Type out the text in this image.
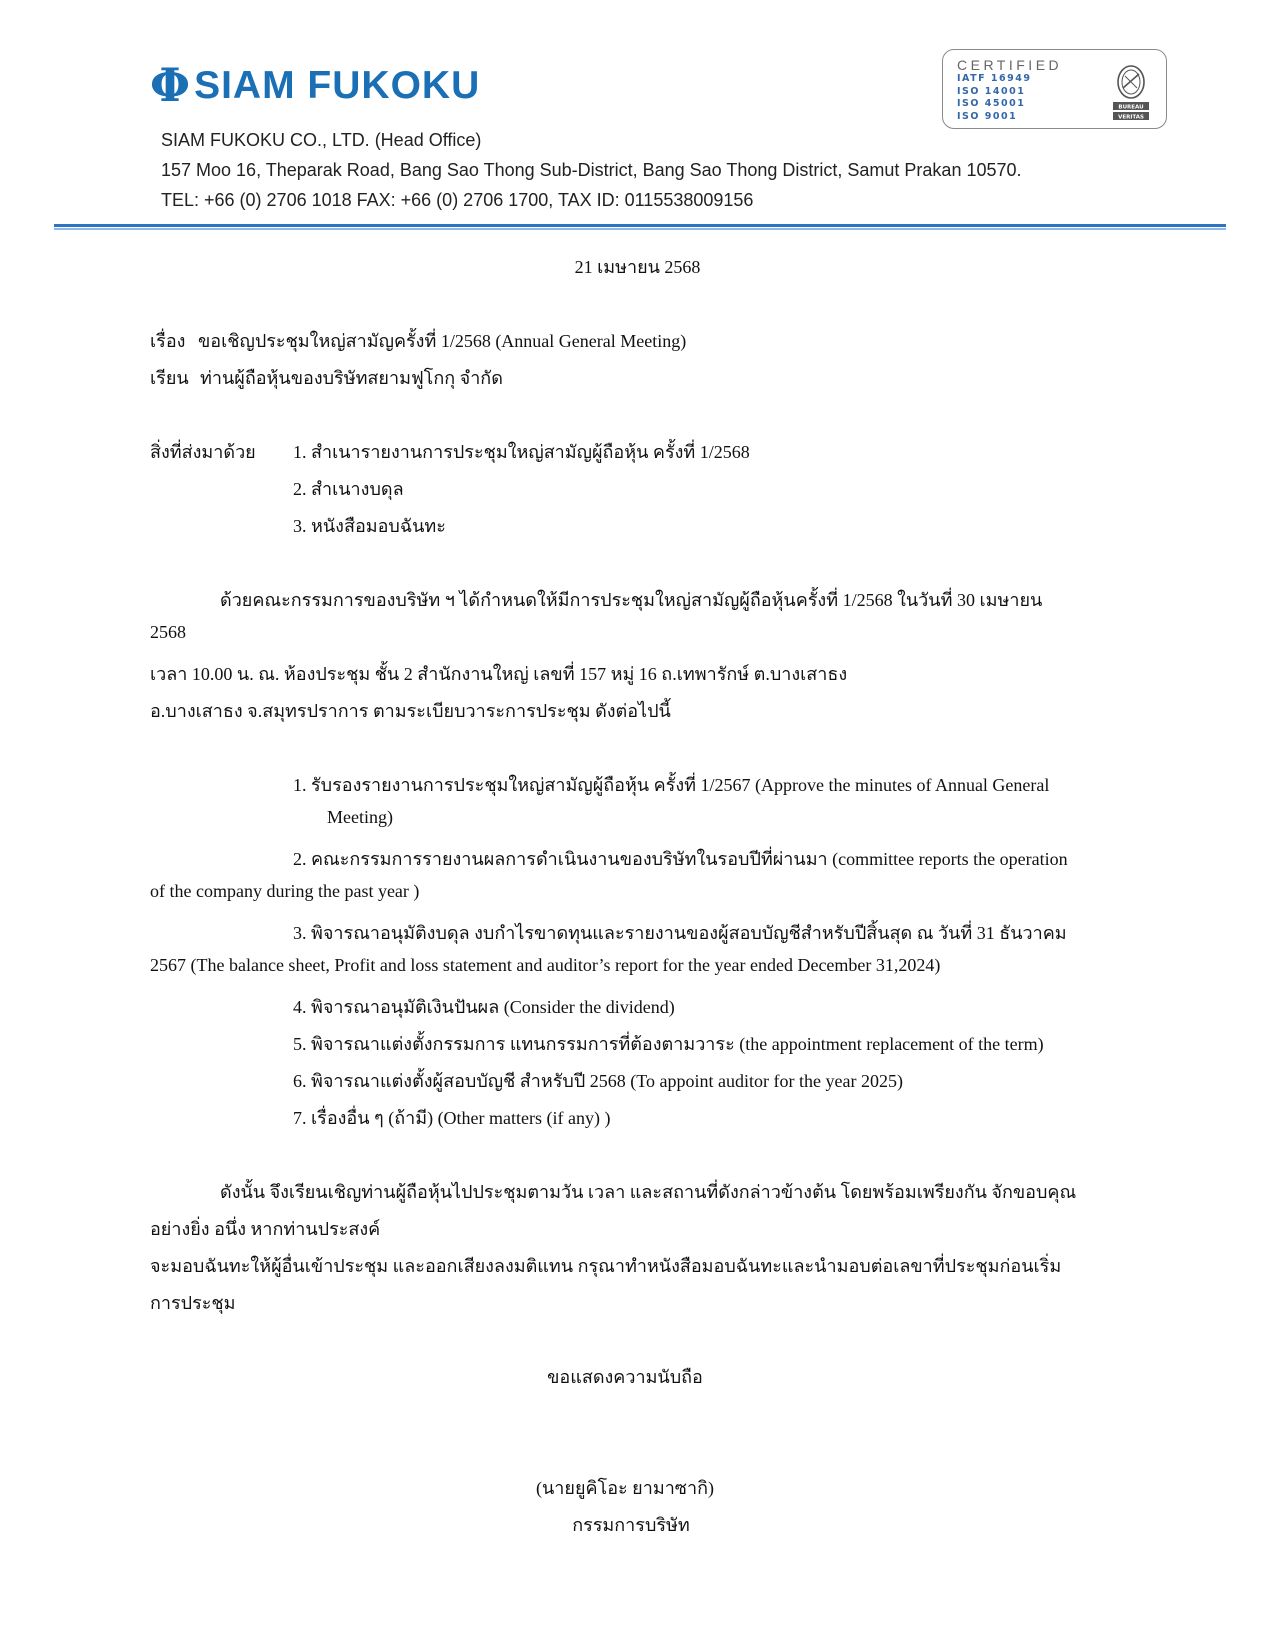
Φ SIAM FUKOKU	CERTIFIED
IATF 16949
ISO 14001
ISO 45001
ISO 9001
BUREAU
VERITAS
SIAM FUKOKU CO., LTD. (Head Office)
157 Moo 16, Theparak Road, Bang Sao Thong Sub-District, Bang Sao Thong District, Samut Prakan 10570.
TEL: +66 (0) 2706 1018 FAX: +66 (0) 2706 1700, TAX ID: 0115538009156
21 เมษายน 2568
เรื่อง ขอเชิญประชุมใหญ่สามัญครั้งที่ 1/2568 (Annual General Meeting)
เรียน ท่านผู้ถือหุ้นของบริษัทสยามฟูโกกุ จำกัด
สิ่งที่ส่งมาด้วย 1. สำเนารายงานการประชุมใหญ่สามัญผู้ถือหุ้น ครั้งที่ 1/2568
2. สำเนางบดุล
3. หนังสือมอบฉันทะ
ด้วยคณะกรรมการของบริษัท ฯ ได้กำหนดให้มีการประชุมใหญ่สามัญผู้ถือหุ้นครั้งที่ 1/2568 ในวันที่ 30 เมษายน
2568
เวลา 10.00 น. ณ. ห้องประชุม ชั้น 2 สำนักงานใหญ่ เลขที่ 157 หมู่ 16 ถ.เทพารักษ์ ต.บางเสาธง
อ.บางเสาธง จ.สมุทรปราการ ตามระเบียบวาระการประชุม ดังต่อไปนี้
1. รับรองรายงานการประชุมใหญ่สามัญผู้ถือหุ้น ครั้งที่ 1/2567 (Approve the minutes of Annual General
Meeting)
2. คณะกรรมการรายงานผลการดำเนินงานของบริษัทในรอบปีที่ผ่านมา (committee reports the operation
of the company during the past year )
3. พิจารณาอนุมัติงบดุล งบกำไรขาดทุนและรายงานของผู้สอบบัญชีสำหรับปีสิ้นสุด ณ วันที่ 31 ธันวาคม
2567 (The balance sheet, Profit and loss statement and auditor’s report for the year ended December 31,2024)
4. พิจารณาอนุมัติเงินปันผล (Consider the dividend)
5. พิจารณาแต่งตั้งกรรมการ แทนกรรมการที่ต้องตามวาระ (the appointment replacement of the term)
6. พิจารณาแต่งตั้งผู้สอบบัญชี สำหรับปี 2568 (To appoint auditor for the year 2025)
7. เรื่องอื่น ๆ (ถ้ามี) (Other matters (if any) )
ดังนั้น จึงเรียนเชิญท่านผู้ถือหุ้นไปประชุมตามวัน เวลา และสถานที่ดังกล่าวข้างต้น โดยพร้อมเพรียงกัน จักขอบคุณ
อย่างยิ่ง อนึ่ง หากท่านประสงค์
จะมอบฉันทะให้ผู้อื่นเข้าประชุม และออกเสียงลงมติแทน กรุณาทำหนังสือมอบฉันทะและนำมอบต่อเลขาที่ประชุมก่อนเริ่ม
การประชุม
ขอแสดงความนับถือ
(นายยูคิโอะ ยามาซากิ)
กรรมการบริษัท
